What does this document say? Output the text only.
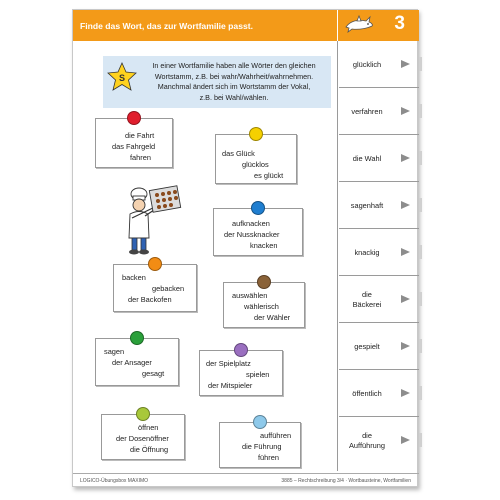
Finde das Wort, das zur Wortfamilie passt.	3
S
In einer Wortfamilie haben alle Wörter den gleichen
Wortstamm, z.B. bei wahr/Wahrheit/wahrnehmen.
Manchmal ändert sich im Wortstamm der Vokal,
z.B. bei Wahl/wählen.
die Fahrt
das Fahrgeld
fahren	das Glück
glücklos
es glückt
aufknacken
der Nussknacker
knacken
backen
gebacken
der Backofen	auswählen
wählerisch
der Wähler
sagen
der Ansager
gesagt
der Spielplatz
spielen
der Mitspieler
öffnen
der Dosenöffner
die Öffnung
aufführen
die Führung
führen
glücklich
verfahren
die Wahl
sagenhaft
knackig
die
Bäckerei
gespielt
öffentlich
die
Aufführung
LOGICO-Übungsbox MAXIMO	3885 – Rechtschreibung 3/4 · Wortbausteine, Wortfamilien
